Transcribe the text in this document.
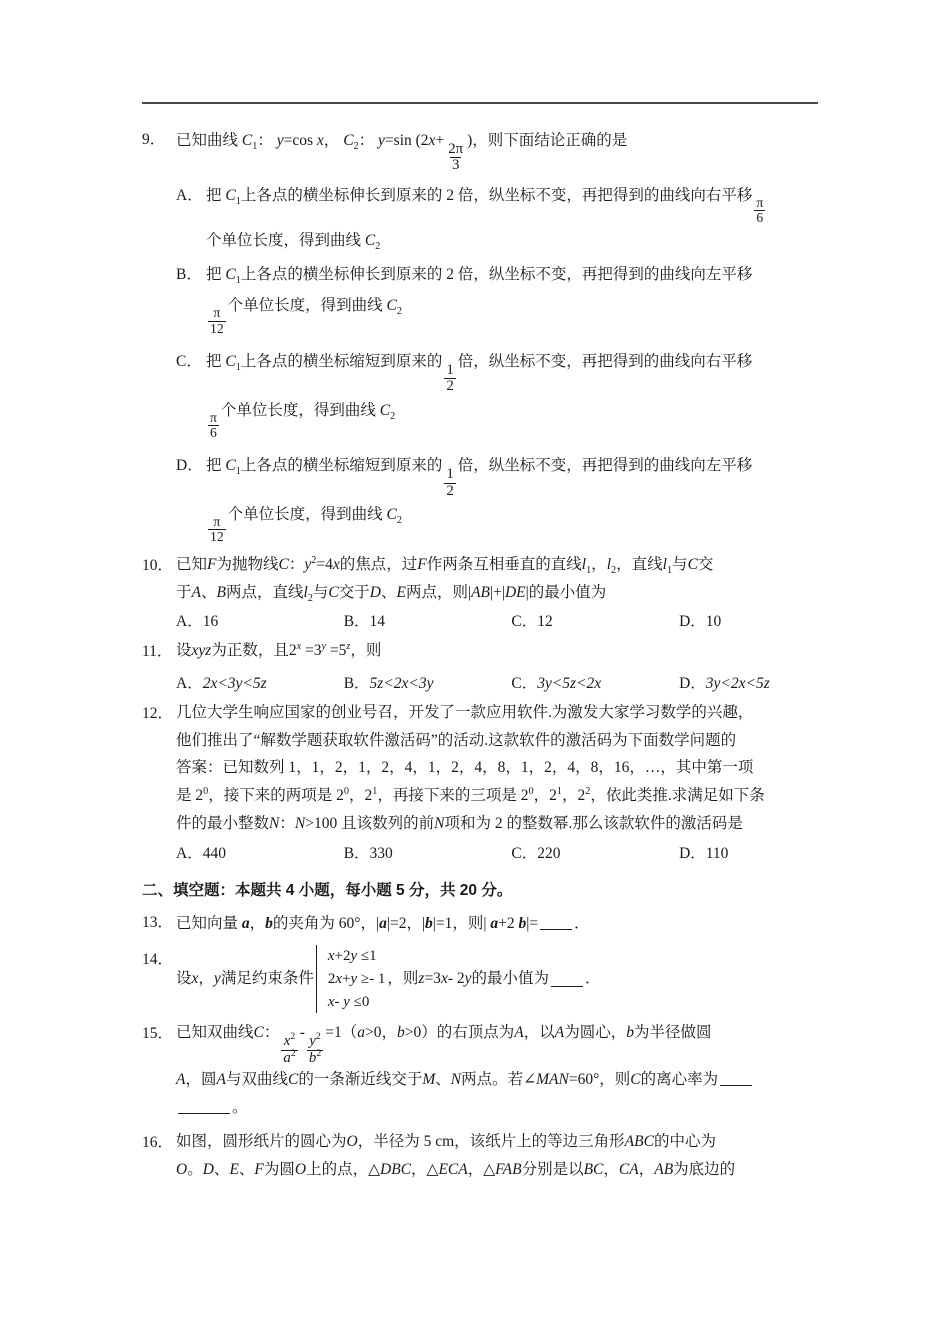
9． 已知曲线 $C_1$： y=cos x， $C_2$： y=sin (2x+
$\frac{2\pi}{3}$
)，则下面结论正确的是
A． 把 $C_1$上各点的横坐标伸长到原来的 2 倍，纵坐标不变，再把得到的曲线向右平移
$\frac{\pi}{6}$
个单位长度，得到曲线 $C_2$
B． 把 $C_1$上各点的横坐标伸长到原来的 2 倍，纵坐标不变，再把得到的曲线向左平移
$\frac{\pi}{12}$
个单位长度，得到曲线 $C_2$
C． 把 $C_1$上各点的横坐标缩短到原来的
$\frac{1}{2}$
倍，纵坐标不变，再把得到的曲线向右平移
$\frac{\pi}{6}$
个单位长度，得到曲线 $C_2$
D． 把 $C_1$上各点的横坐标缩短到原来的
$\frac{1}{2}$
倍，纵坐标不变，再把得到的曲线向左平移
$\frac{\pi}{12}$
个单位长度，得到曲线 $C_2$
10． 已知F为抛物线C：$y^2=4x$的焦点，过F作两条互相垂直的直线$l_1$，$l_2$，直线$l_1$与C交
于A、B两点，直线$l_2$与C交于D、E两点，则|AB|+|DE|的最小值为
A．16	B．14	C．12	D．10
11． 设xyz为正数，且$2^x =3^y =5^z$，则
A．2x<3y<5z	B．5z<2x<3y	C．3y<5z<2x	D．3y<2x<5z
12． 几位大学生响应国家的创业号召，开发了一款应用软件.为激发大家学习数学的兴趣，
他们推出了“解数学题获取软件激活码”的活动.这款软件的激活码为下面数学问题的
答案：已知数列 1，1，2，1，2，4，1，2，4，8，1，2，4，8，16，…，其中第一项
是 $2^0$，接下来的两项是 $2^0$，$2^1$，再接下来的三项是 $2^0$，$2^1$，$2^2$，依此类推.求满足如下条
件的最小整数N：N>100 且该数列的前N项和为 2 的整数幂.那么该款软件的激活码是
A．440	B．330	C．220	D．110
二、填空题：本题共 4 小题，每小题 5 分，共 20 分。
13． 已知向量 a，b的夹角为 60°，|a|=2，|b|=1，则| a+2 b|= ．
14．
设 x ， y 满足约束条件
x+2y ≤1
2x+y ≥- 1
x- y ≤0
，则 z =3 x - 2 y 的最小值为 ．
15． 已知双曲线C：
$\frac{x^2}{a^2}$
-
$\frac{y^2}{b^2}$
=1（a>0，b>0）的右顶点为A，以A为圆心，b为半径做圆
A，圆A与双曲线C的一条渐近线交于M、N两点。若∠MAN=60°，则C的离心率为
。
16． 如图，圆形纸片的圆心为O，半径为 5 cm，该纸片上的等边三角形ABC的中心为
O。D、E、F为圆O上的点，△DBC，△ECA，△FAB分别是以BC，CA，AB为底边的
